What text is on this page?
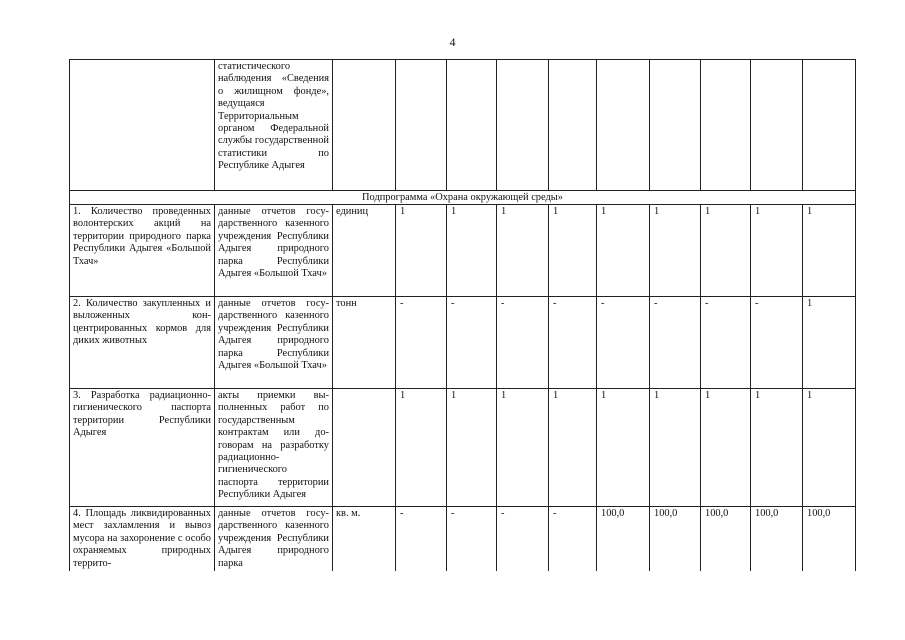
4
	статистического наблюдения «Сведения о жилищном фонде», ведущаяся Территориальным органом Федеральной службы государственной статистики по Республике Адыгея										
Подпрограмма «Охрана окружающей среды»											
1. Количество проведенных волонтерских акций на территории природного парка Республики Адыгея «Большой Тхач»	данные отчетов государственного казенного учреждения Республики Адыгея природного парка Республики Адыгея «Большой Тхач»	единиц	1	1	1	1	1	1	1	1	1
2. Количество закупленных и выложенных концентрированных кормов для диких животных	данные отчетов государственного казенного учреждения Республики Адыгея природного парка Республики Адыгея «Большой Тхач»	тонн	-	-	-	-	-	-	-	-	1
3. Разработка радиационно-гигиенического паспорта территории Республики Адыгея	акты приемки выполненных работ по государственным контрактам или договорам на разработку радиационно-гигиенического паспорта территории Республики Адыгея		1	1	1	1	1	1	1	1	1
4. Площадь ликвидированных мест захламления и вывоз мусора на захоронение с особо охраняемых природных террито-	данные отчетов государственного казенного учреждения Республики Адыгея природного парка	кв. м.	-	-	-	-	100,0	100,0	100,0	100,0	100,0
